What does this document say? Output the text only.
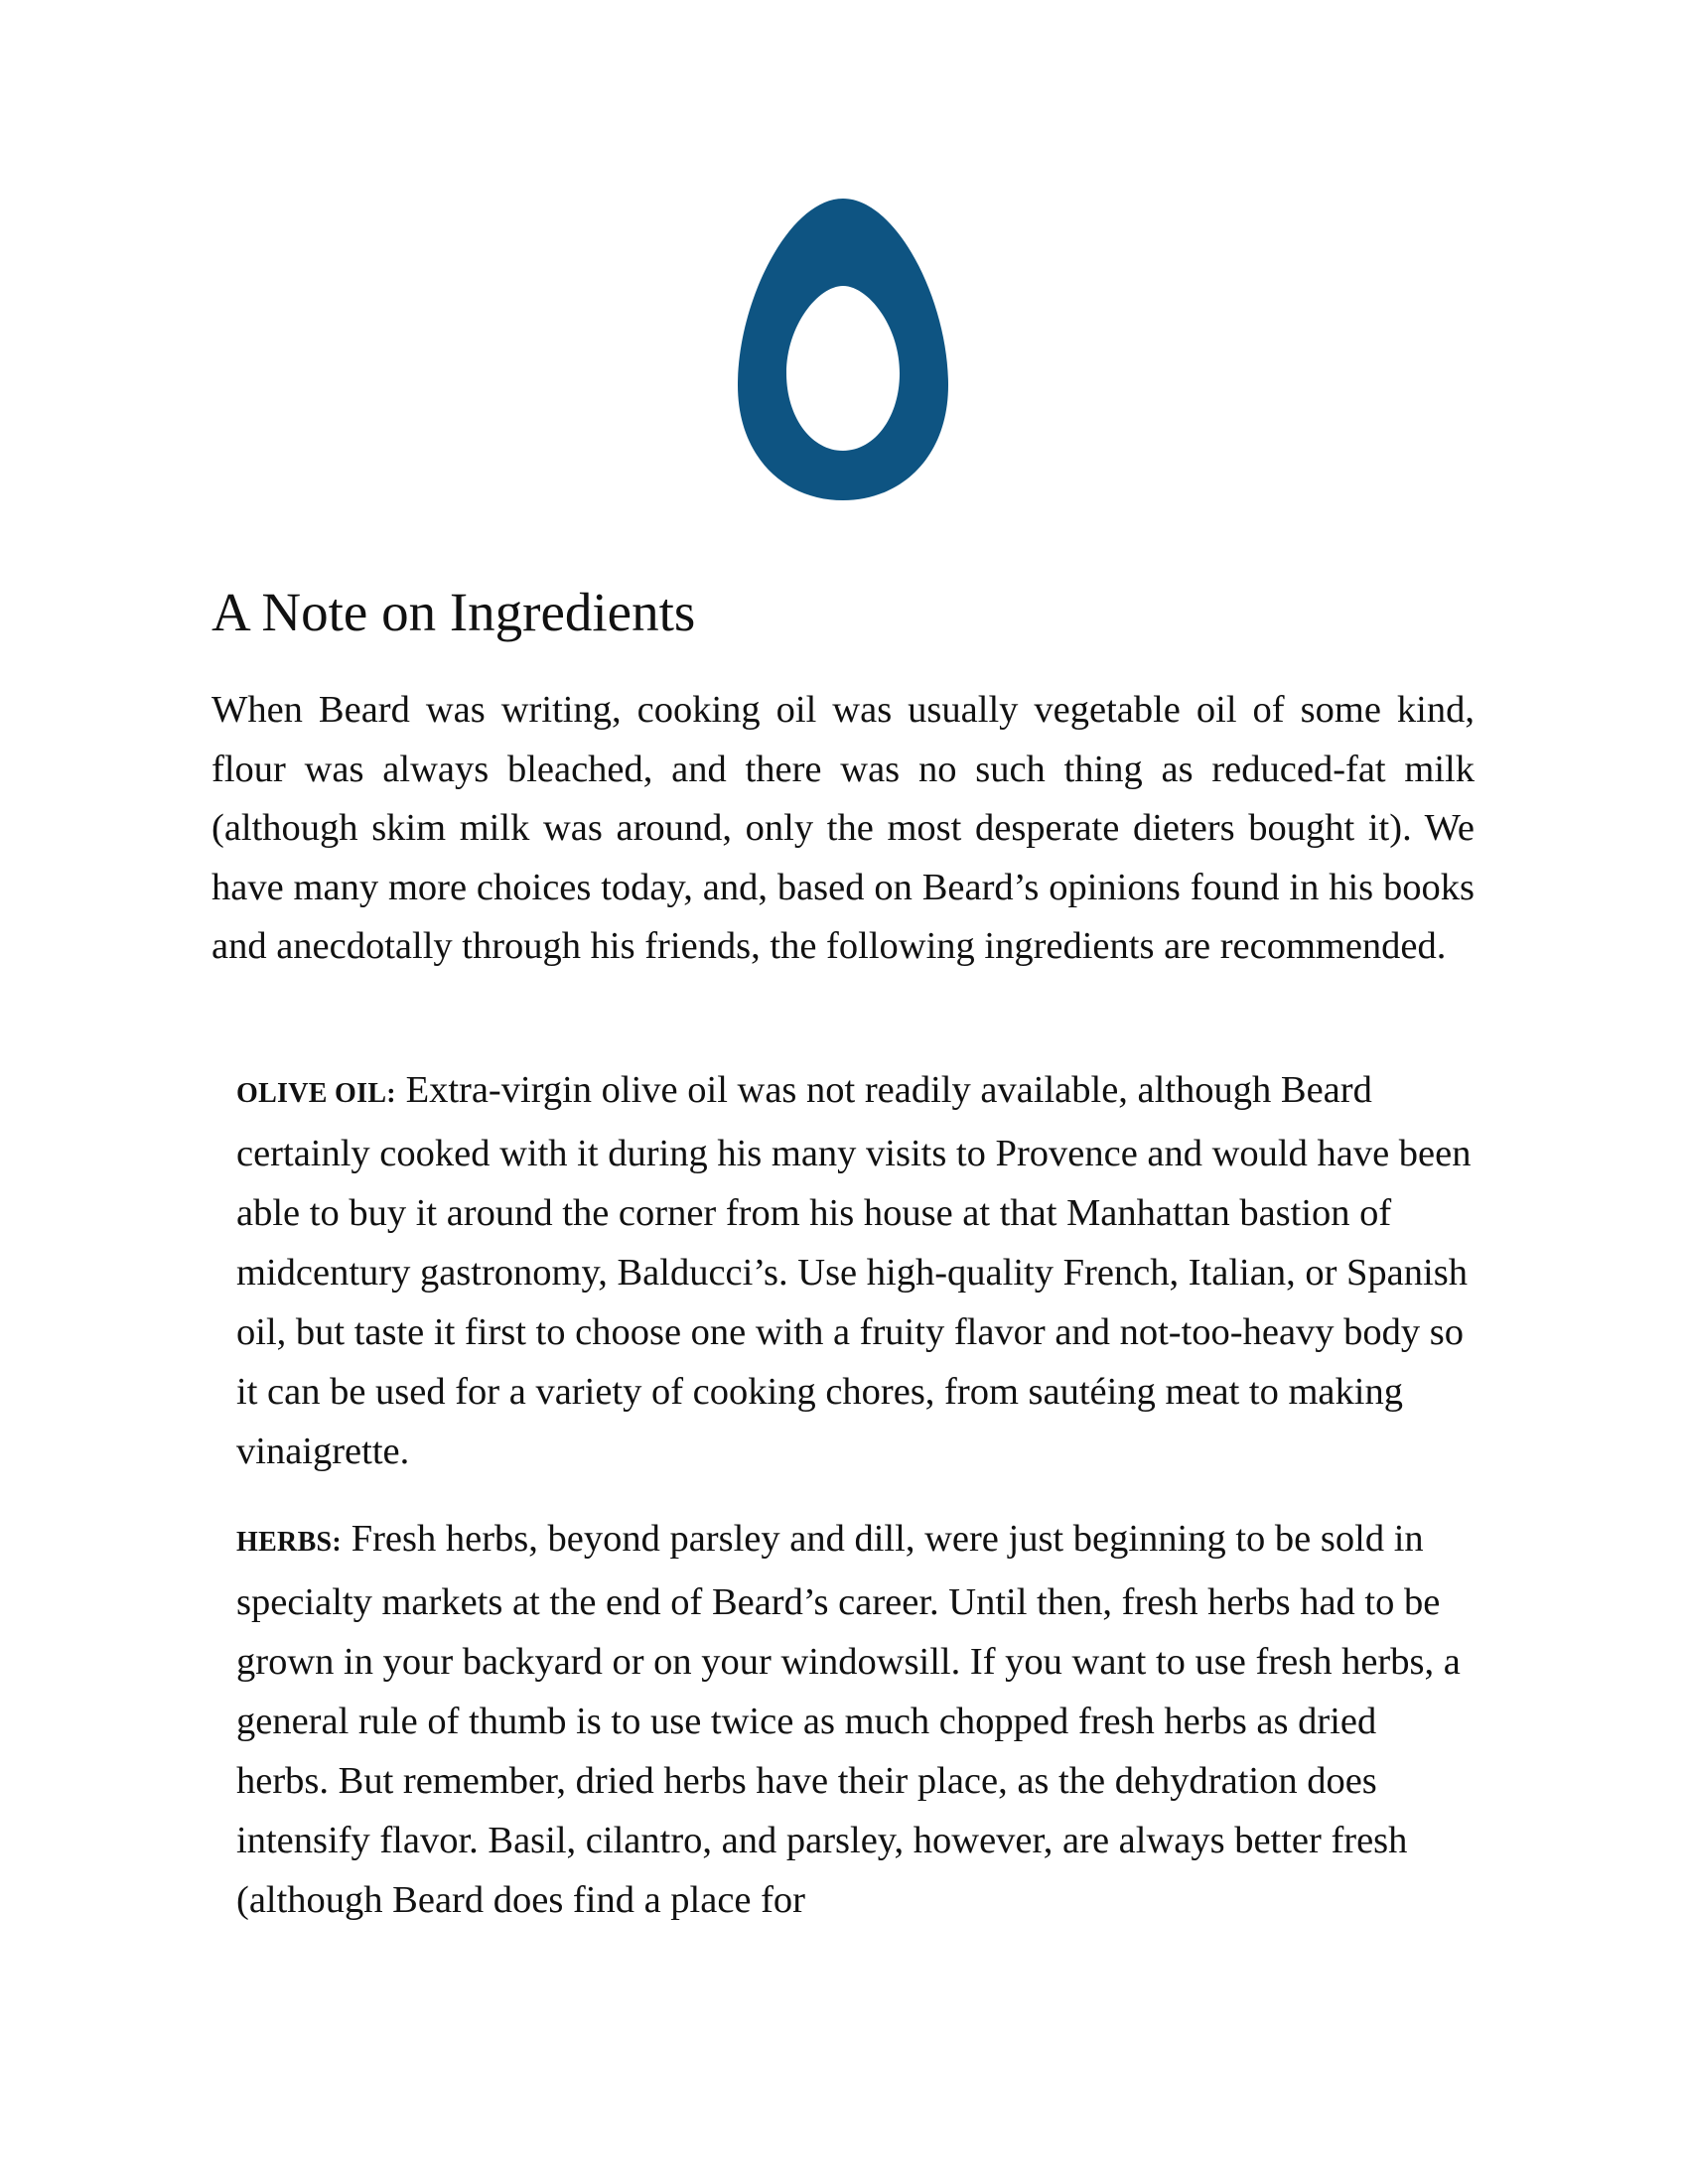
A Note on Ingredients

When Beard was writing, cooking oil was usually vegetable oil of some kind, flour was always bleached, and there was no such thing as reduced-fat milk (although skim milk was around, only the most desperate dieters bought it). We have many more choices today, and, based on Beard’s opinions found in his books and anecdotally through his friends, the following ingredients are recommended.

OLIVE OIL: Extra-virgin olive oil was not readily available, although Beard certainly cooked with it during his many visits to Provence and would have been able to buy it around the corner from his house at that Manhattan bastion of midcentury gastronomy, Balducci’s. Use high-quality French, Italian, or Spanish oil, but taste it first to choose one with a fruity flavor and not-too-heavy body so it can be used for a variety of cooking chores, from sautéing meat to making vinaigrette.

HERBS: Fresh herbs, beyond parsley and dill, were just beginning to be sold in specialty markets at the end of Beard’s career. Until then, fresh herbs had to be grown in your backyard or on your windowsill. If you want to use fresh herbs, a general rule of thumb is to use twice as much chopped fresh herbs as dried herbs. But remember, dried herbs have their place, as the dehydration does intensify flavor. Basil, cilantro, and parsley, however, are always better fresh (although Beard does find a place for
